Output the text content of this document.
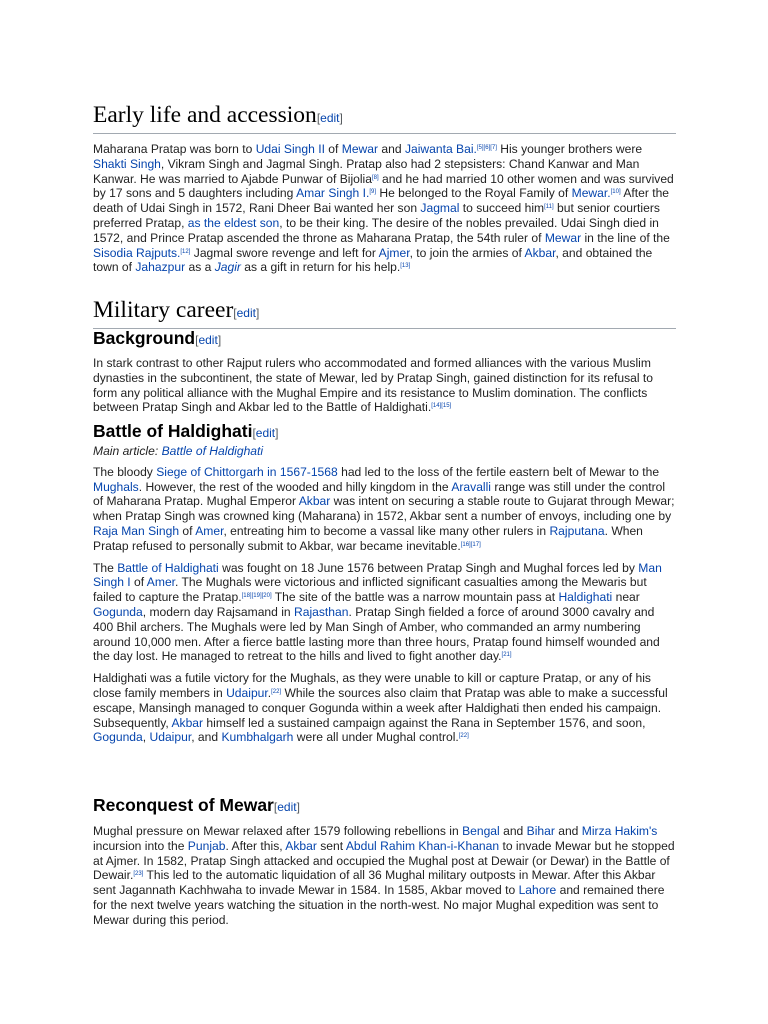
Early life and accession[edit]

Maharana Pratap was born to Udai Singh II of Mewar and Jaiwanta Bai.[5][6][7] His younger brothers were Shakti Singh, Vikram Singh and Jagmal Singh. Pratap also had 2 stepsisters: Chand Kanwar and Man Kanwar. He was married to Ajabde Punwar of Bijolia[8] and he had married 10 other women and was survived by 17 sons and 5 daughters including Amar Singh I.[9] He belonged to the Royal Family of Mewar.[10] After the death of Udai Singh in 1572, Rani Dheer Bai wanted her son Jagmal to succeed him[11] but senior courtiers preferred Pratap, as the eldest son, to be their king. The desire of the nobles prevailed. Udai Singh died in 1572, and Prince Pratap ascended the throne as Maharana Pratap, the 54th ruler of Mewar in the line of the Sisodia Rajputs.[12] Jagmal swore revenge and left for Ajmer, to join the armies of Akbar, and obtained the town of Jahazpur as a Jagir as a gift in return for his help.[13]

Military career[edit]
Background[edit]

In stark contrast to other Rajput rulers who accommodated and formed alliances with the various Muslim dynasties in the subcontinent, the state of Mewar, led by Pratap Singh, gained distinction for its refusal to form any political alliance with the Mughal Empire and its resistance to Muslim domination. The conflicts between Pratap Singh and Akbar led to the Battle of Haldighati.[14][15]

Battle of Haldighati[edit]
Main article: Battle of Haldighati

The bloody Siege of Chittorgarh in 1567-1568 had led to the loss of the fertile eastern belt of Mewar to the Mughals. However, the rest of the wooded and hilly kingdom in the Aravalli range was still under the control of Maharana Pratap. Mughal Emperor Akbar was intent on securing a stable route to Gujarat through Mewar; when Pratap Singh was crowned king (Maharana) in 1572, Akbar sent a number of envoys, including one by Raja Man Singh of Amer, entreating him to become a vassal like many other rulers in Rajputana. When Pratap refused to personally submit to Akbar, war became inevitable.[16][17]

The Battle of Haldighati was fought on 18 June 1576 between Pratap Singh and Mughal forces led by Man Singh I of Amer. The Mughals were victorious and inflicted significant casualties among the Mewaris but failed to capture the Pratap.[18][19][20] The site of the battle was a narrow mountain pass at Haldighati near Gogunda, modern day Rajsamand in Rajasthan. Pratap Singh fielded a force of around 3000 cavalry and 400 Bhil archers. The Mughals were led by Man Singh of Amber, who commanded an army numbering around 10,000 men. After a fierce battle lasting more than three hours, Pratap found himself wounded and the day lost. He managed to retreat to the hills and lived to fight another day.[21]

Haldighati was a futile victory for the Mughals, as they were unable to kill or capture Pratap, or any of his close family members in Udaipur.[22] While the sources also claim that Pratap was able to make a successful escape, Mansingh managed to conquer Gogunda within a week after Haldighati then ended his campaign. Subsequently, Akbar himself led a sustained campaign against the Rana in September 1576, and soon, Gogunda, Udaipur, and Kumbhalgarh were all under Mughal control.[22]

Reconquest of Mewar[edit]

Mughal pressure on Mewar relaxed after 1579 following rebellions in Bengal and Bihar and Mirza Hakim's incursion into the Punjab. After this, Akbar sent Abdul Rahim Khan-i-Khanan to invade Mewar but he stopped at Ajmer. In 1582, Pratap Singh attacked and occupied the Mughal post at Dewair (or Dewar) in the Battle of Dewair.[23] This led to the automatic liquidation of all 36 Mughal military outposts in Mewar. After this Akbar sent Jagannath Kachhwaha to invade Mewar in 1584. In 1585, Akbar moved to Lahore and remained there for the next twelve years watching the situation in the north-west. No major Mughal expedition was sent to Mewar during this period.
